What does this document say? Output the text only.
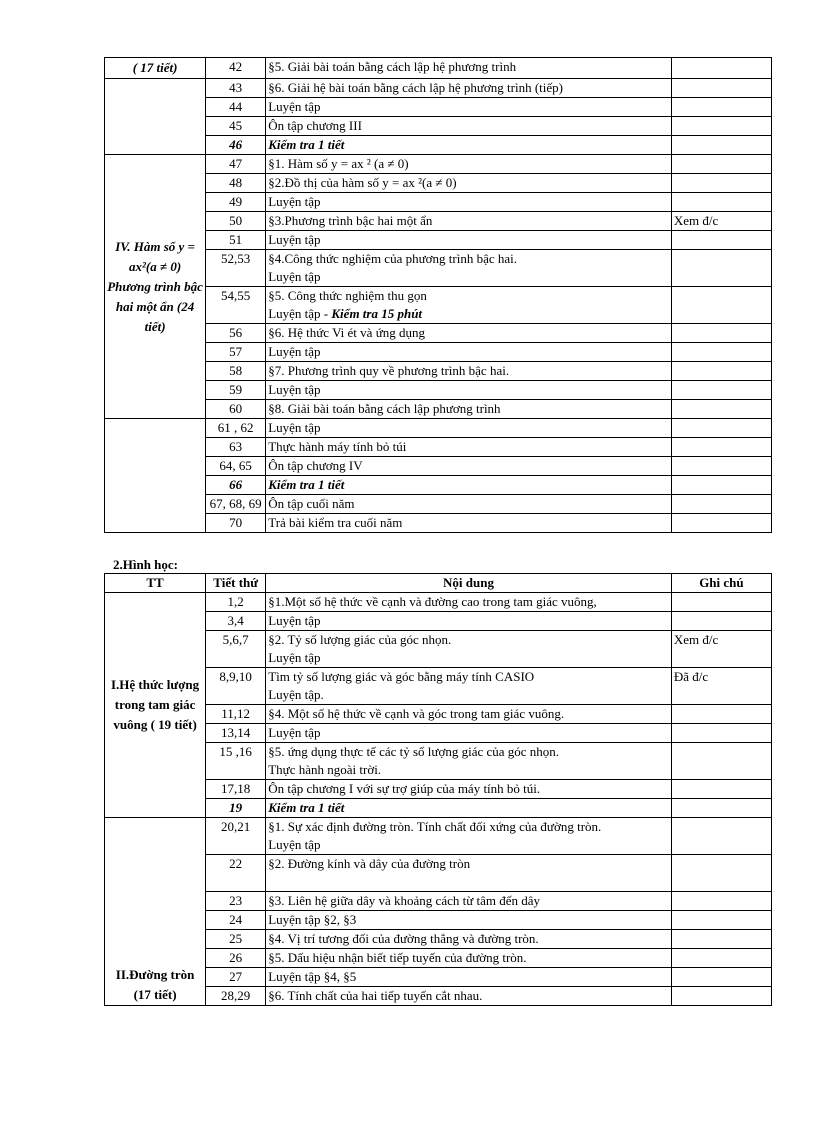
( 17 tiết)	42	§5. Giải bài toán bằng cách lập hệ phương trình	
	43	§6. Giải hệ bài toán bằng cách lập hệ phương trình (tiếp)	
	44	Luyện tập	
	45	Ôn tập chương III	
	46	Kiểm tra 1 tiết	
IV. Hàm số y = ax²(a ≠ 0) Phương trình bậc hai một ẩn (24 tiết)	47	§1. Hàm số y = ax ² (a ≠ 0)	
	48	§2.Đồ thị của hàm số y = ax ²(a ≠ 0)	
	49	Luyện tập	
	50	§3.Phương trình bậc hai một ẩn	Xem đ/c
	51	Luyện tập	
	52,53	§4.Công thức nghiệm của phương trình bậc hai.
Luyện tập	

	54,55	§5. Công thức nghiệm thu gọn
Luyện tập - Kiểm tra 15 phút	

	56	§6. Hệ thức Vi ét và ứng dụng	
	57	Luyện tập	
	58	§7. Phương trình quy về phương trình bậc hai.	
	59	Luyện tập	
	60	§8. Giải bài toán bằng cách lập phương trình	
	61 , 62	Luyện tập	
	63	Thực hành máy tính bỏ túi	
	64, 65	Ôn tập chương IV	
	66	Kiểm tra 1 tiết	
	67, 68, 69	Ôn tập cuối năm	
	70	Trả bài kiểm tra cuối năm	
2.Hình học:
TT	Tiết thứ	Nội dung	Ghi chú
I.Hệ thức lượng trong tam giác vuông ( 19 tiết)	1,2	§1.Một số hệ thức về cạnh và đường cao trong tam giác vuông,	
	3,4	Luyện tập	
	5,6,7	§2. Tỷ số lượng giác của góc nhọn.
Luyện tập	Xem đ/c
	8,9,10	Tìm tỷ số lượng giác và góc bằng máy tính CASIO
Luyện tập.	Đã đ/c
	11,12	§4. Một số hệ thức về cạnh và góc trong tam giác vuông.	
	13,14	Luyện tập	
	15 ,16	§5. ứng dụng thực tế các tỷ số lượng giác của góc nhọn.
Thực hành ngoài trời.	

	17,18	Ôn tập chương I với sự trợ giúp của máy tính bỏ túi.	
	19	Kiểm tra 1 tiết	
II.Đường tròn (17 tiết)	20,21	§1. Sự xác định đường tròn. Tính chất đối xứng của đường tròn.
Luyện tập	

	22	§2. Đường kính và dây của đường tròn	

	23	§3. Liên hệ giữa dây và khoảng cách từ tâm đến dây	
	24	Luyện tập §2, §3	
	25	§4. Vị trí tương đối của đường thẳng và đường tròn.	
	26	§5. Dấu hiệu nhận biết tiếp tuyến của đường tròn.	
	27	Luyện tập §4, §5	
	28,29	§6. Tính chất của hai tiếp tuyến cắt nhau.	
